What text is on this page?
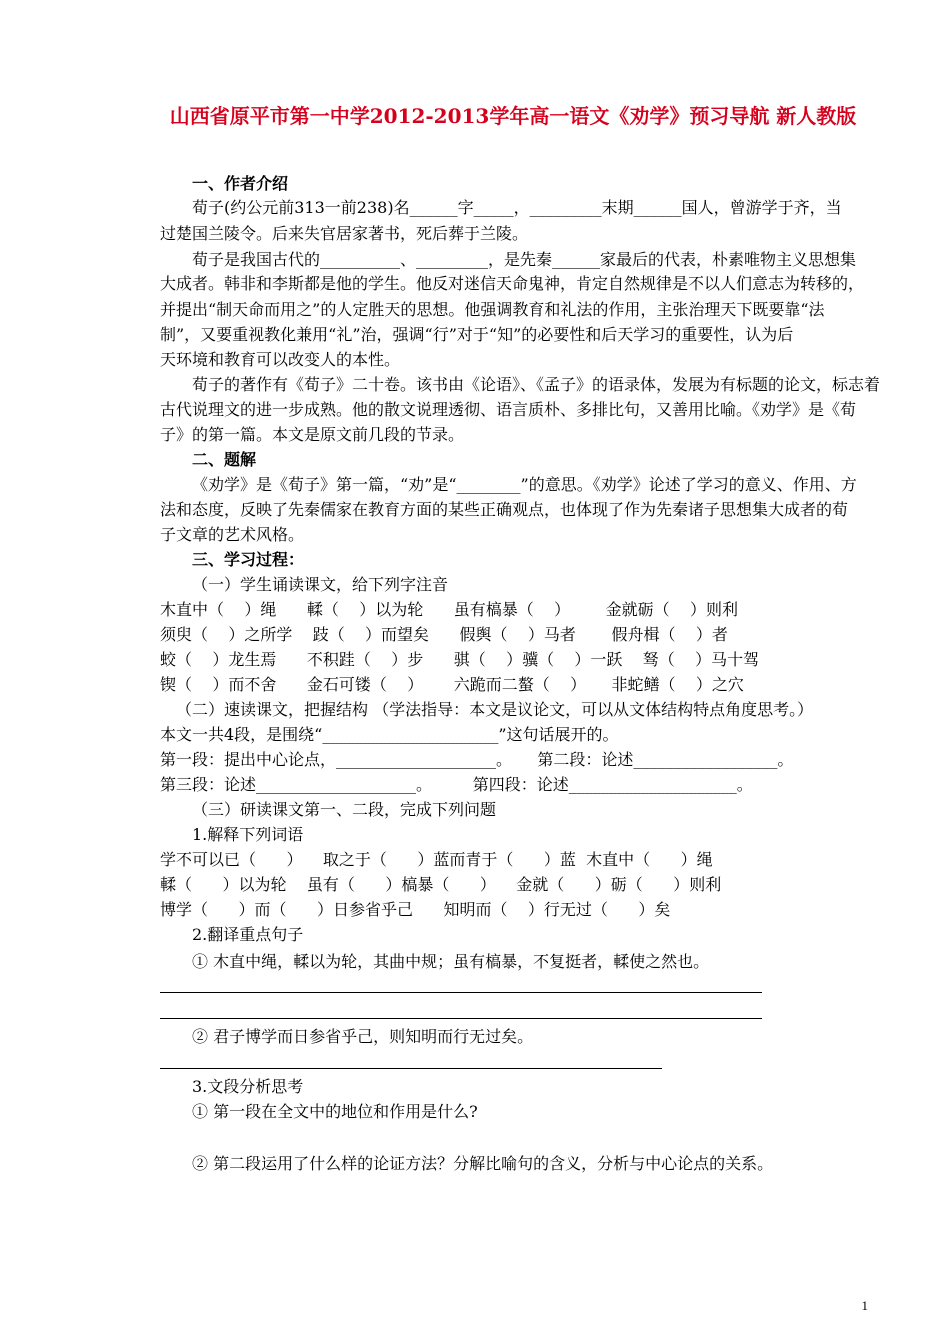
山西省原平市第一中学2012-2013学年高一语文《劝学》预习导航 新人教版
一、作者介绍
荀子(约公元前313一前238)名______字_____，_________末期______国人，曾游学于齐，当
过楚国兰陵令。后来失官居家著书，死后葬于兰陵。
荀子是我国古代的__________、_________，是先秦______家最后的代表，朴素唯物主义思想集
大成者。韩非和李斯都是他的学生。他反对迷信天命鬼神，肯定自然规律是不以人们意志为转移的，
并提出“制天命而用之”的人定胜天的思想。他强调教育和礼法的作用，主张治理天下既要靠“法
制”，又要重视教化兼用“礼”治，强调“行”对于“知”的必要性和后天学习的重要性，认为后
天环境和教育可以改变人的本性。
荀子的著作有《荀子》二十卷。该书由《论语》、《孟子》的语录体，发展为有标题的论文，标志着
古代说理文的进一步成熟。他的散文说理透彻、语言质朴、多排比句，又善用比喻。《劝学》是《荀
子》的第一篇。本文是原文前几段的节录。
二、题解
《劝学》是《荀子》第一篇，“劝”是“________”的意思。《劝学》论述了学习的意义、作用、方
法和态度，反映了先秦儒家在教育方面的某些正确观点，也体现了作为先秦诸子思想集大成者的荀
子文章的艺术风格。
三、学习过程：
（一）学生诵读课文，给下列字注音
木直中（    ）绳      輮（    ）以为轮      虽有槁暴（    ）       金就砺（    ）则利
须臾（    ）之所学    跂（    ）而望矣      假舆（    ）马者       假舟楫（    ）者
蛟（    ）龙生焉      不积跬（    ）步      骐（    ）骥（    ）一跃    驽（    ）马十驾
锲（    ）而不舍      金石可镂（    ）      六跪而二螯（    ）     非蛇鳝（    ）之穴
（二）速读课文，把握结构 （学法指导：本文是议论文，可以从文体结构特点角度思考。）
本文一共4段，是围绕“______________________”这句话展开的。
第一段：提出中心论点，____________________。     第二段：论述__________________。
第三段：论述____________________。        第四段：论述_____________________。
（三）研读课文第一、二段，完成下列问题
1.解释下列词语
学不可以已（      ）    取之于（      ）蓝而青于（      ）蓝  木直中（      ）绳
輮（      ）以为轮    虽有（      ）槁暴（      ）    金就（      ）砺（      ）则利
博学（      ）而（      ）日参省乎己      知明而（    ）行无过（      ）矣
2.翻译重点句子
① 木直中绳，輮以为轮，其曲中规；虽有槁暴，不复挺者，輮使之然也。
② 君子博学而日参省乎己，则知明而行无过矣。
3.文段分析思考
① 第一段在全文中的地位和作用是什么?
② 第二段运用了什么样的论证方法？分解比喻句的含义，分析与中心论点的关系。
1
